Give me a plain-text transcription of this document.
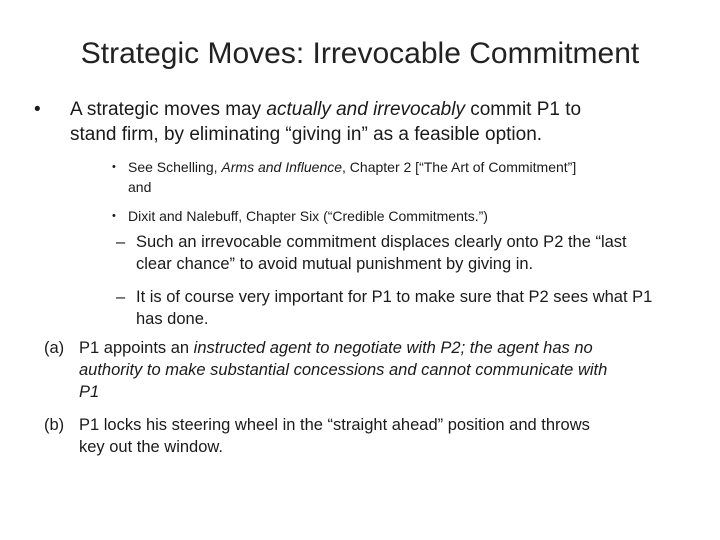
Strategic Moves: Irrevocable Commitment
•	A strategic moves may actually and irrevocably commit P1 to
stand firm, by eliminating “giving in” as a feasible option.
• See Schelling, Arms and Influence, Chapter 2 [“The Art of Commitment”]
and
• Dixit and Nalebuff, Chapter Six (“Credible Commitments.”)
– Such an irrevocable commitment displaces clearly onto P2 the “last
clear chance” to avoid mutual punishment by giving in.
– It is of course very important for P1 to make sure that P2 sees what P1
has done.
(a) P1 appoints an instructed agent to negotiate with P2; the agent has no
authority to make substantial concessions and cannot communicate with
P1
(b) P1 locks his steering wheel in the “straight ahead” position and throws
key out the window.
